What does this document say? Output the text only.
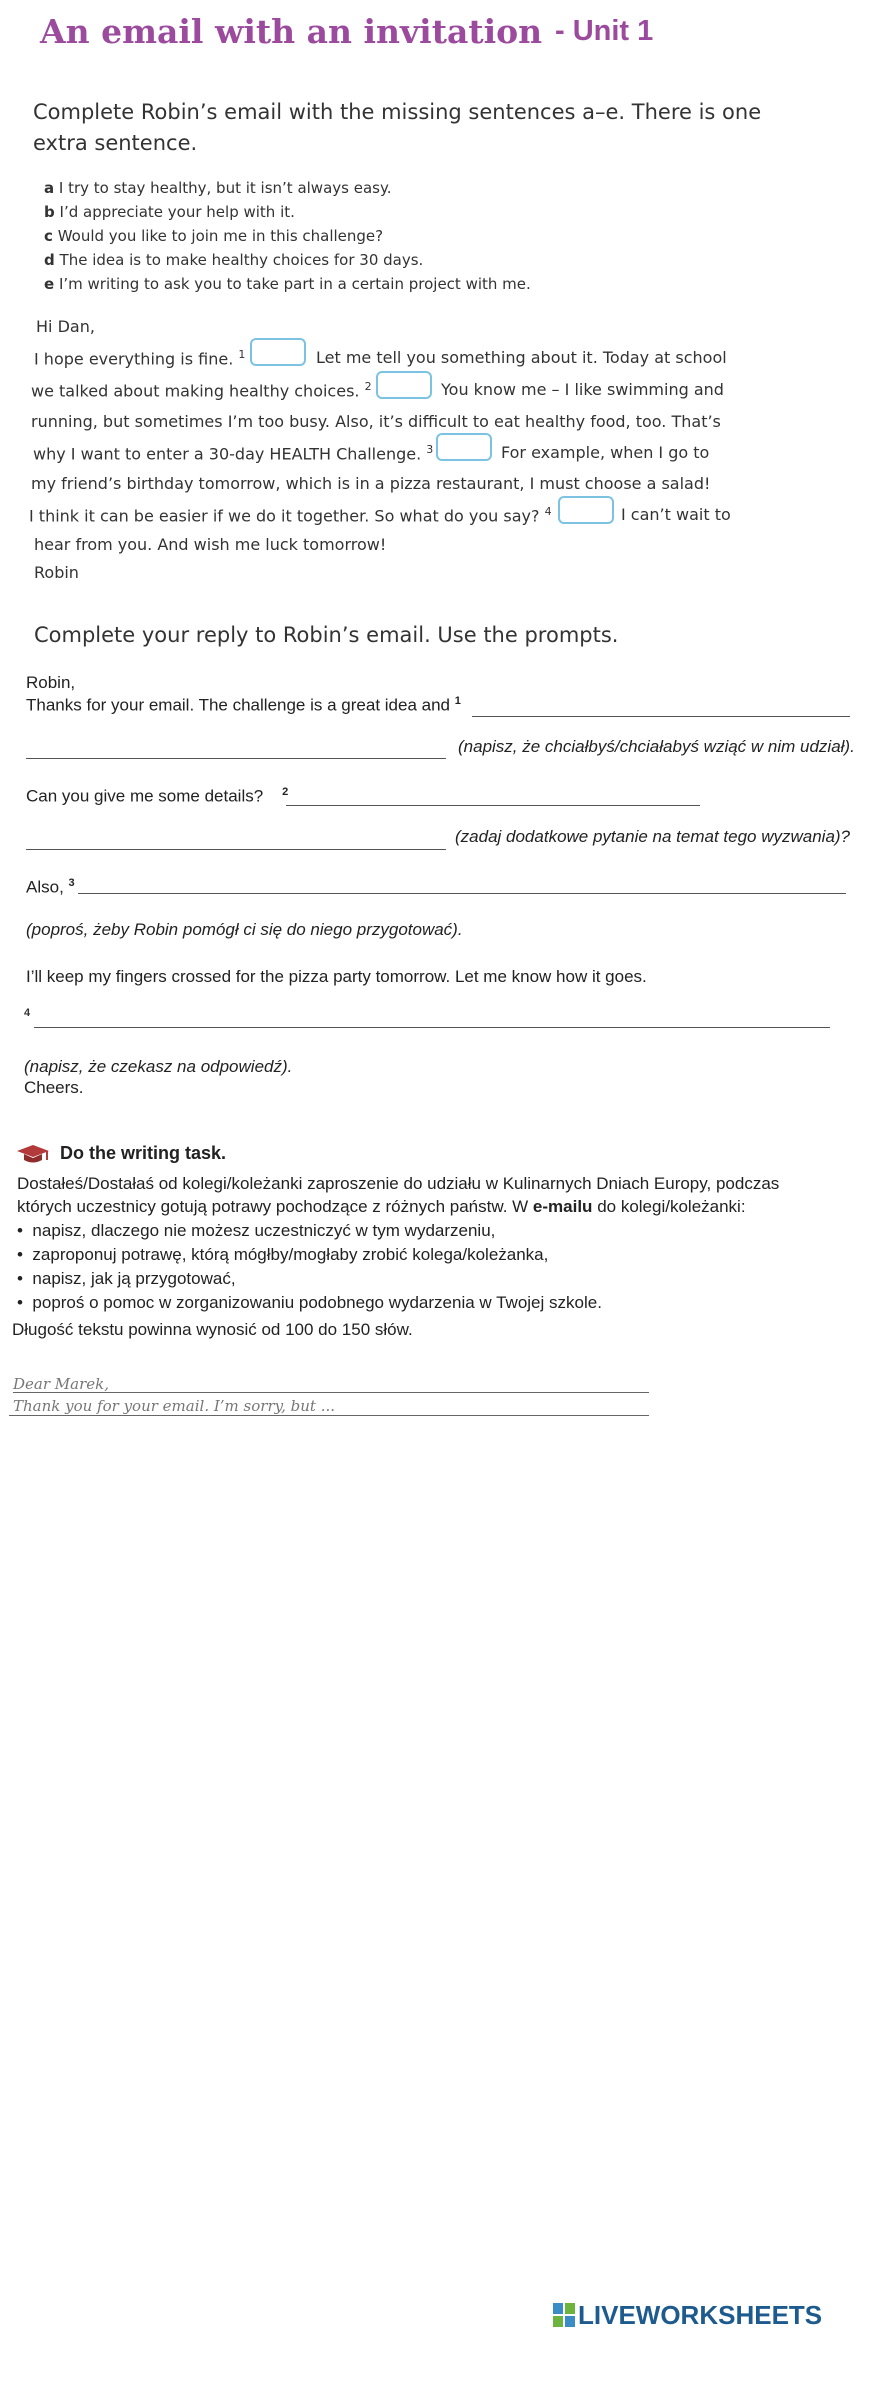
An email with an invitation - Unit 1
Complete Robin’s email with the missing sentences a–e. There is one
extra sentence.
a I try to stay healthy, but it isn’t always easy.
b I’d appreciate your help with it.
c Would you like to join me in this challenge?
d The idea is to make healthy choices for 30 days.
e I’m writing to ask you to take part in a certain project with me.
Hi Dan,
I hope everything is fine. $^1$	Let me tell you something about it. Today at school
we talked about making healthy choices. $^2$	You know me – I like swimming and
running, but sometimes I’m too busy. Also, it’s difficult to eat healthy food, too. That’s
why I want to enter a 30-day HEALTH Challenge. $^3$	For example, when I go to
my friend’s birthday tomorrow, which is in a pizza restaurant, I must choose a salad!
I think it can be easier if we do it together. So what do you say? $^4$	I can’t wait to
hear from you. And wish me luck tomorrow!
Robin
Complete your reply to Robin’s email. Use the prompts.
Robin,
Thanks for your email. The challenge is a great idea and $^1$
(napisz, że chciałbyś/chciałabyś wziąć w nim udział).
Can you give me some details? $^2$
(zadaj dodatkowe pytanie na temat tego wyzwania)?
Also, $^3$
(poproś, żeby Robin pomógł ci się do niego przygotować).
I’ll keep my fingers crossed for the pizza party tomorrow. Let me know how it goes.
4
(napisz, że czekasz na odpowiedź).
Cheers.
Do the writing task.
Dostałeś/Dostałaś od kolegi/koleżanki zaproszenie do udziału w Kulinarnych Dniach Europy, podczas
których uczestnicy gotują potrawy pochodzące z różnych państw. W e-mailu do kolegi/koleżanki:
•  napisz, dlaczego nie możesz uczestniczyć w tym wydarzeniu,
•  zaproponuj potrawę, którą mógłby/mogłaby zrobić kolega/koleżanka,
•  napisz, jak ją przygotować,
•  poproś o pomoc w zorganizowaniu podobnego wydarzenia w Twojej szkole.
Długość tekstu powinna wynosić od 100 do 150 słów.
Dear Marek,
Thank you for your email. I’m sorry, but ...
LIVEWORKSHEETS
